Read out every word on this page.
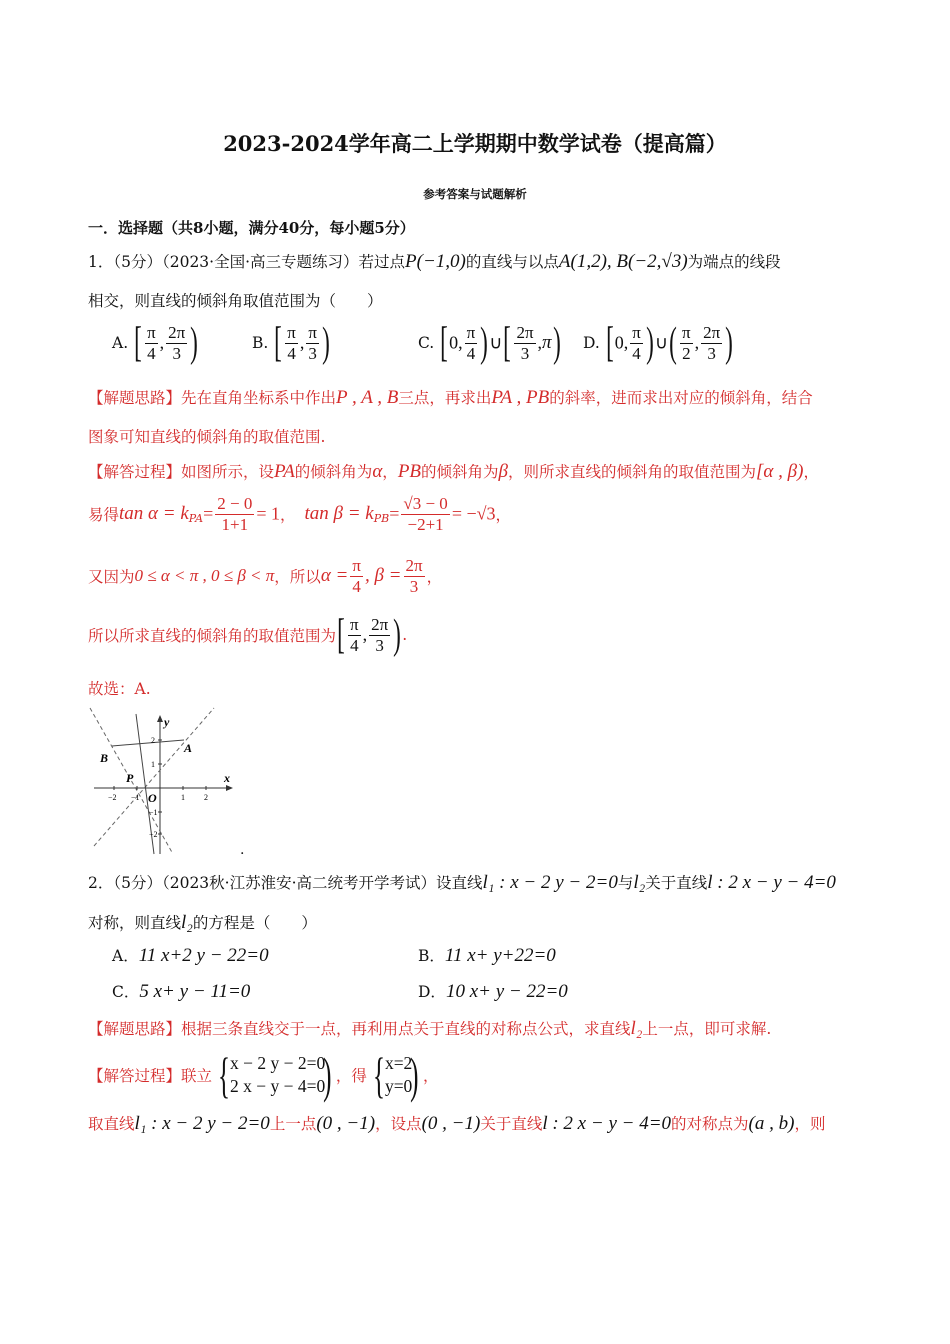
2023-2024学年高二上学期期中数学试卷（提高篇）
参考答案与试题解析
一．选择题（共8小题，满分40分，每小题5分）
1．（5分）（2023·全国·高三专题练习）若过点P(−1,0)的直线与以点A(1,2), B(−2,√3)为端点的线段
相交，则直线的倾斜角取值范围为（　　）
A. [ $\frac{\pi}{4}$ , $\frac{2\pi}{3}$ )	B. [ $\frac{\pi}{4}$ , $\frac{\pi}{3}$ )	C. [0, $\frac{\pi}{4}$ )∪[ $\frac{2\pi}{3} ,\pi$) D. [0, $\frac{\pi}{4}$ )∪( $\frac{\pi}{2}$ , $\frac{2\pi}{3}$ )
【解题思路】先在直角坐标系中作出P , A , B三点，再求出PA , PB的斜率，进而求出对应的倾斜角，结合
图象可知直线的倾斜角的取值范围.
【解答过程】如图所示，设PA的倾斜角为α，PB的倾斜角为β，则所求直线的倾斜角的取值范围为[α , β)，
易得$\tan \alpha = k_{PA}= \frac{2 - 0}{1+1} = 1$， $\tan \beta = k_{PB}= \frac{√3 - 0}{-2+1} = -√3$，
又因为0 ≤ α < π , 0 ≤ β < π，所以$\alpha = \frac{\pi}{4}$ , $\beta = \frac{2\pi}{3}$ ，
所以所求直线的倾斜角的取值范围为[ $\frac{\pi}{4}$ , $\frac{2\pi}{3}$ ).
故选：A.
−2 −1	1 2
2
1
−1
−2
y
x
A
B
P
O
.
2．（5分）（2023秋·江苏淮安·高二统考开学考试）设直线l₁ : x − 2 y − 2=0与l₂关于直线l : 2 x − y − 4=0
对称，则直线l₂的方程是（　　）
A．11 x+2 y − 22=0	B．11 x+ y+22=0
C．5 x+ y − 11=0	D．10 x+ y − 22=0
【解题思路】根据三条直线交于一点，再利用点关于直线的对称点公式，求直线l₂上一点，即可求解.
【解答过程】联立 { x − 2 y − 2=0
2 x − y − 4=0
) ，得 { x=2
y=0
) ，
取直线l₁ : x − 2 y − 2=0上一点(0 , −1)，设点(0 , −1)关于直线l : 2 x − y − 4=0的对称点为(a , b)，则
